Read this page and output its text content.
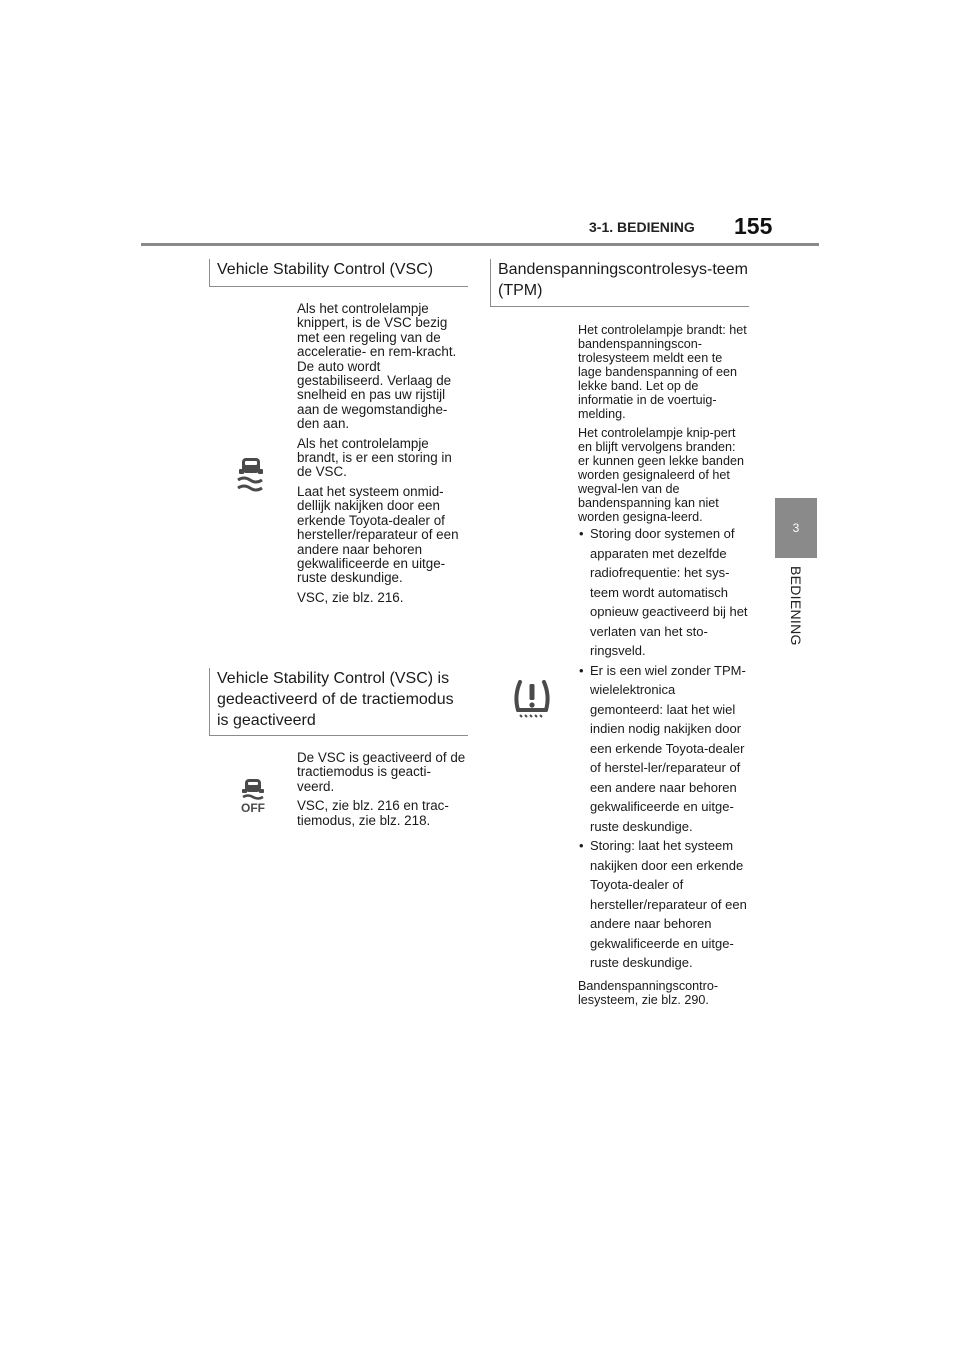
3-1. BEDIENING 155
3
BEDIENING
Vehicle Stability Control (VSC)

Als het controlelampje knippert, is de VSC bezig met een regeling van de acceleratie- en rem-kracht. De auto wordt gestabiliseerd. Verlaag de snelheid en pas uw rijstijl aan de wegomstandighe-den aan.

Als het controlelampje brandt, is er een storing in de VSC.

Laat het systeem onmid-dellijk nakijken door een erkende Toyota-dealer of hersteller/reparateur of een andere naar behoren gekwalificeerde en uitge-ruste deskundige.

VSC, zie blz. 216.

Vehicle Stability Control (VSC) is gedeactiveerd of de tractiemodus is geactiveerd
OFF

De VSC is geactiveerd of de tractiemodus is geacti-veerd.

VSC, zie blz. 216 en trac-tiemodus, zie blz. 218.

Bandenspanningscontrolesys-teem (TPM)

Het controlelampje brandt: het bandenspanningscon-trolesysteem meldt een te lage bandenspanning of een lekke band. Let op de informatie in de voertuig-melding.

Het controlelampje knip-pert en blijft vervolgens branden: er kunnen geen lekke banden worden gesignaleerd of het wegval-len van de bandenspanning kan niet worden gesigna-leerd.

• Storing door systemen of apparaten met dezelfde radiofrequentie: het sys-teem wordt automatisch opnieuw geactiveerd bij het verlaten van het sto-ringsveld.
• Er is een wiel zonder TPM-wielelektronica gemonteerd: laat het wiel indien nodig nakijken door een erkende Toyota-dealer of herstel-ler/reparateur of een andere naar behoren gekwalificeerde en uitge-ruste deskundige.
• Storing: laat het systeem nakijken door een erkende Toyota-dealer of hersteller/reparateur of een andere naar behoren gekwalificeerde en uitge-ruste deskundige.

Bandenspanningscontro-lesysteem, zie blz. 290.
